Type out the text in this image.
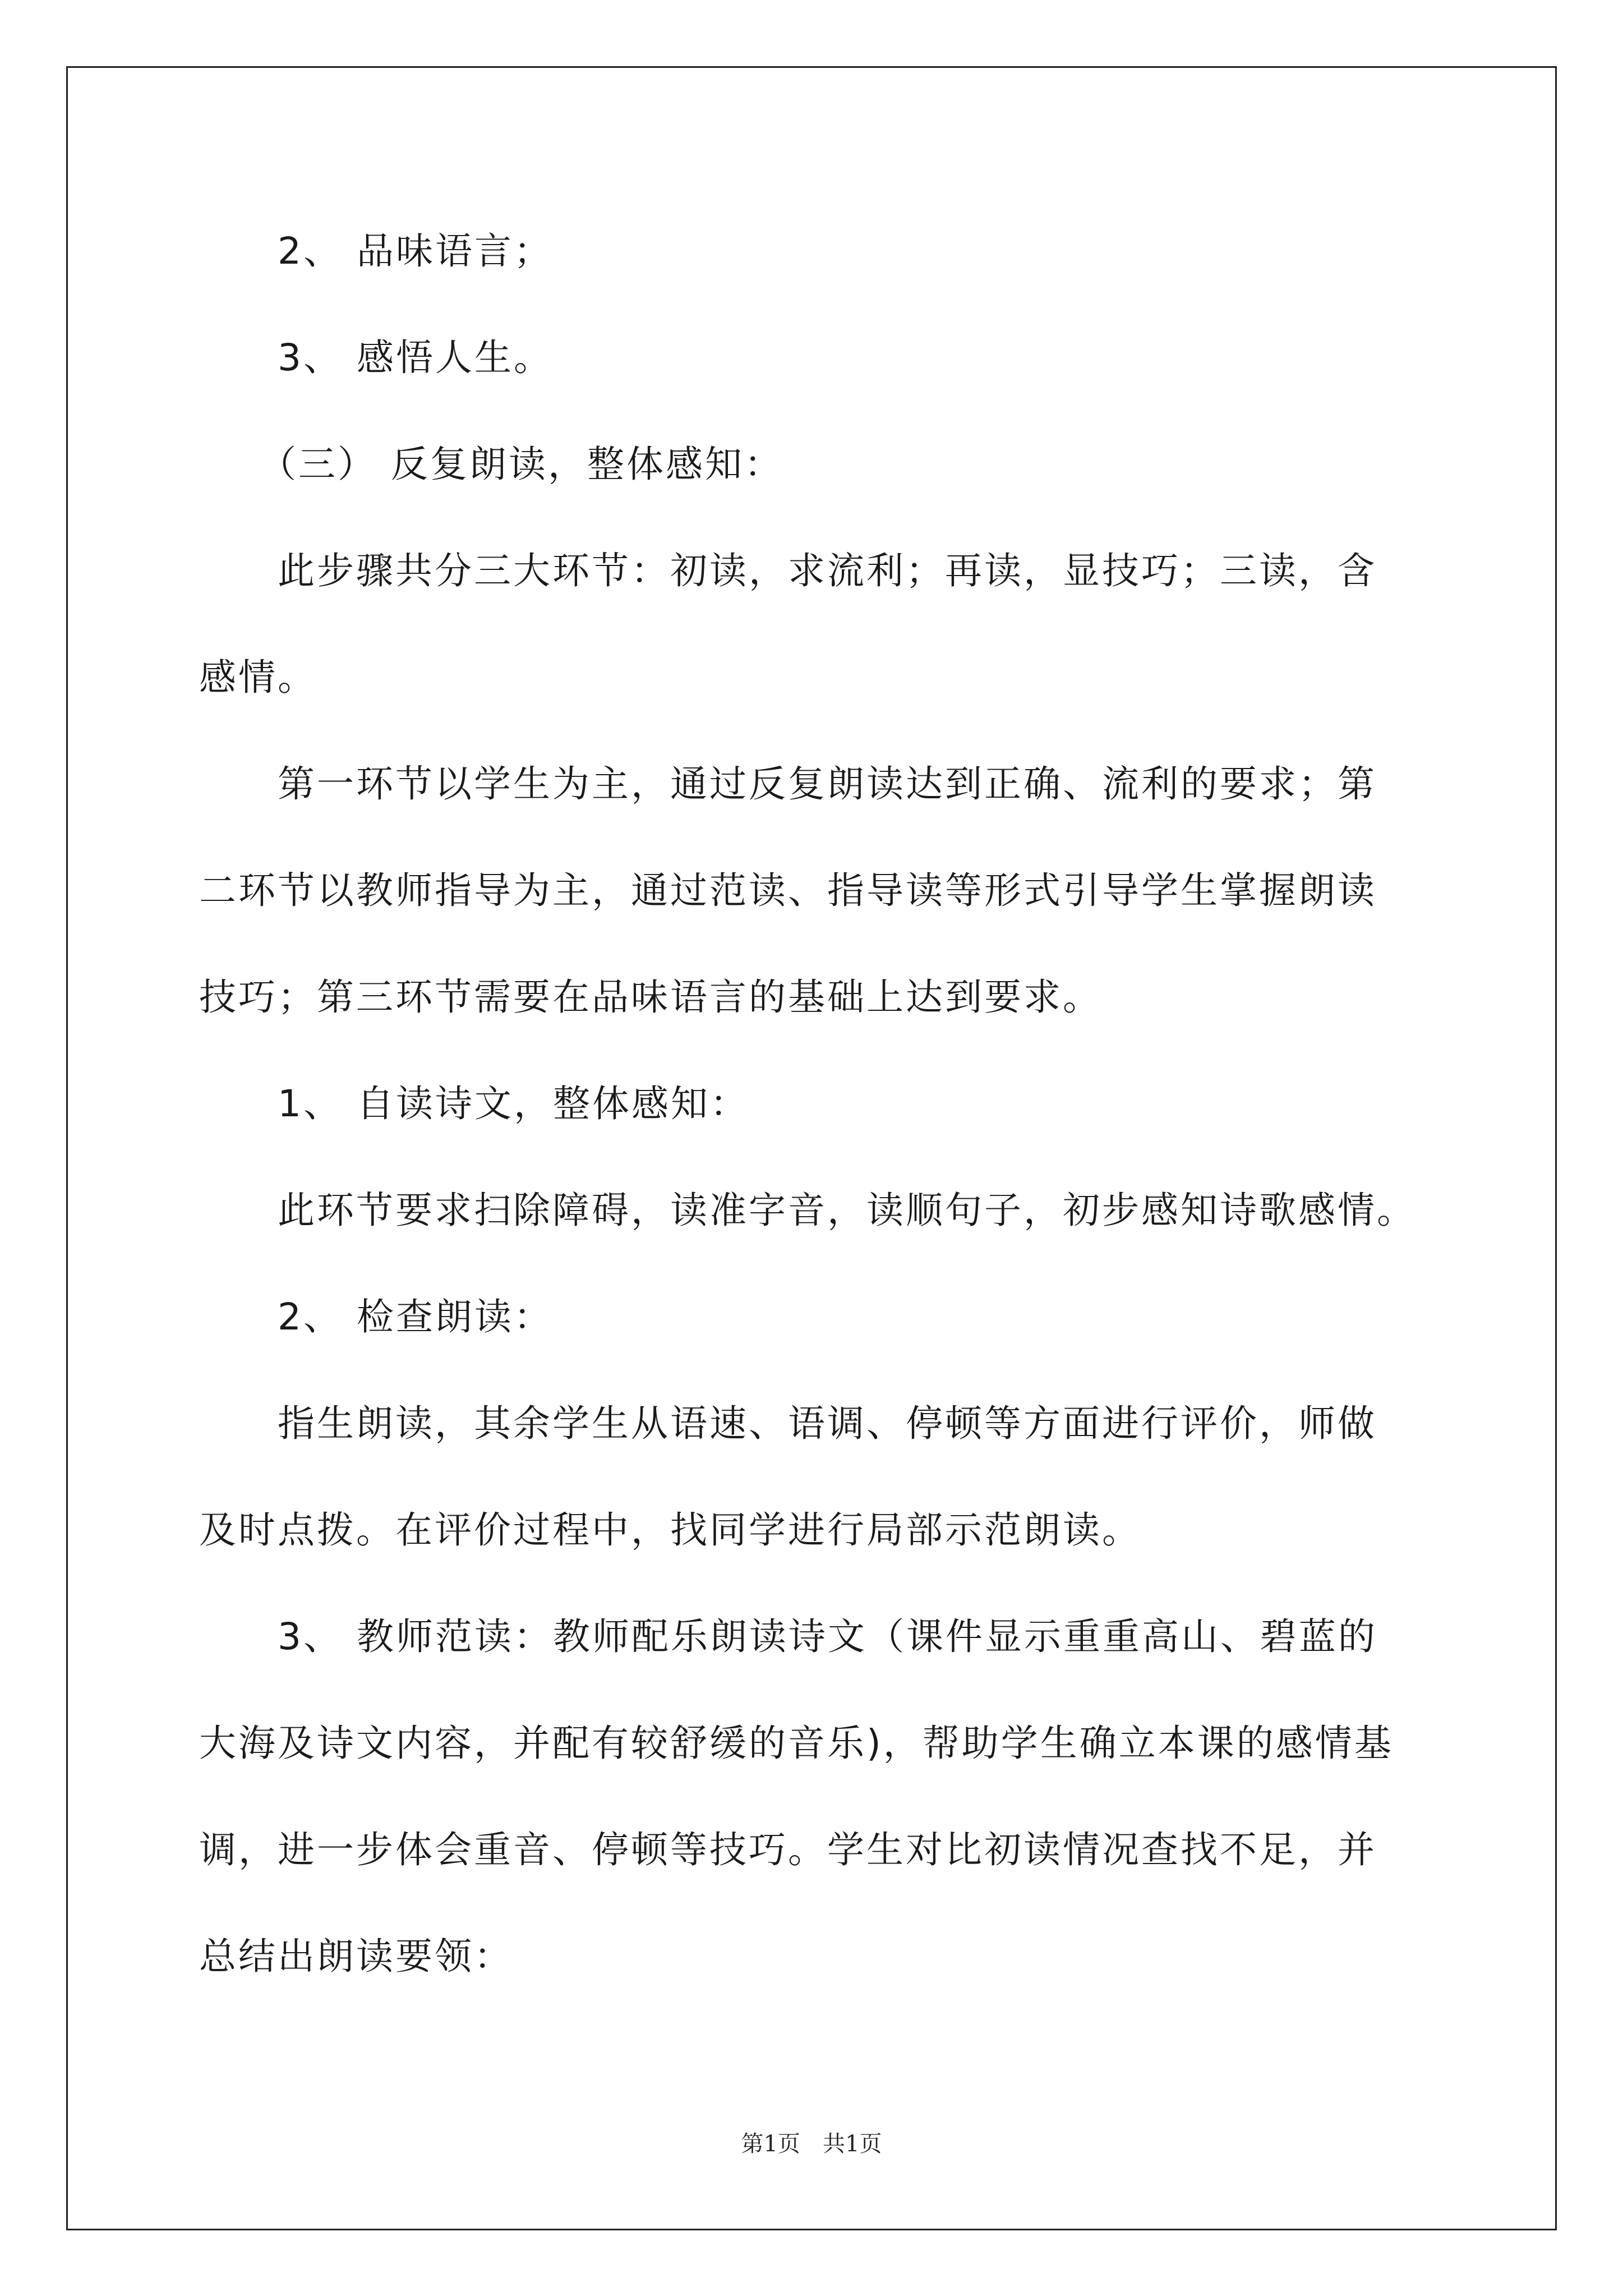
　　2、 品味语言；
　　3、 感悟人生。
　　（三） 反复朗读，整体感知：
　　此步骤共分三大环节：初读，求流利；再读，显技巧；三读，含
感情。
　　第一环节以学生为主，通过反复朗读达到正确、流利的要求；第
二环节以教师指导为主，通过范读、指导读等形式引导学生掌握朗读
技巧；第三环节需要在品味语言的基础上达到要求。
　　1、 自读诗文，整体感知：
　　此环节要求扫除障碍，读准字音，读顺句子，初步感知诗歌感情。
　　2、 检查朗读：
　　指生朗读，其余学生从语速、语调、停顿等方面进行评价，师做
及时点拨。在评价过程中，找同学进行局部示范朗读。
　　3、 教师范读：教师配乐朗读诗文（课件显示重重高山、碧蓝的
大海及诗文内容，并配有较舒缓的音乐)，帮助学生确立本课的感情基
调，进一步体会重音、停顿等技巧。学生对比初读情况查找不足，并
总结出朗读要领：
第1页　共1页
